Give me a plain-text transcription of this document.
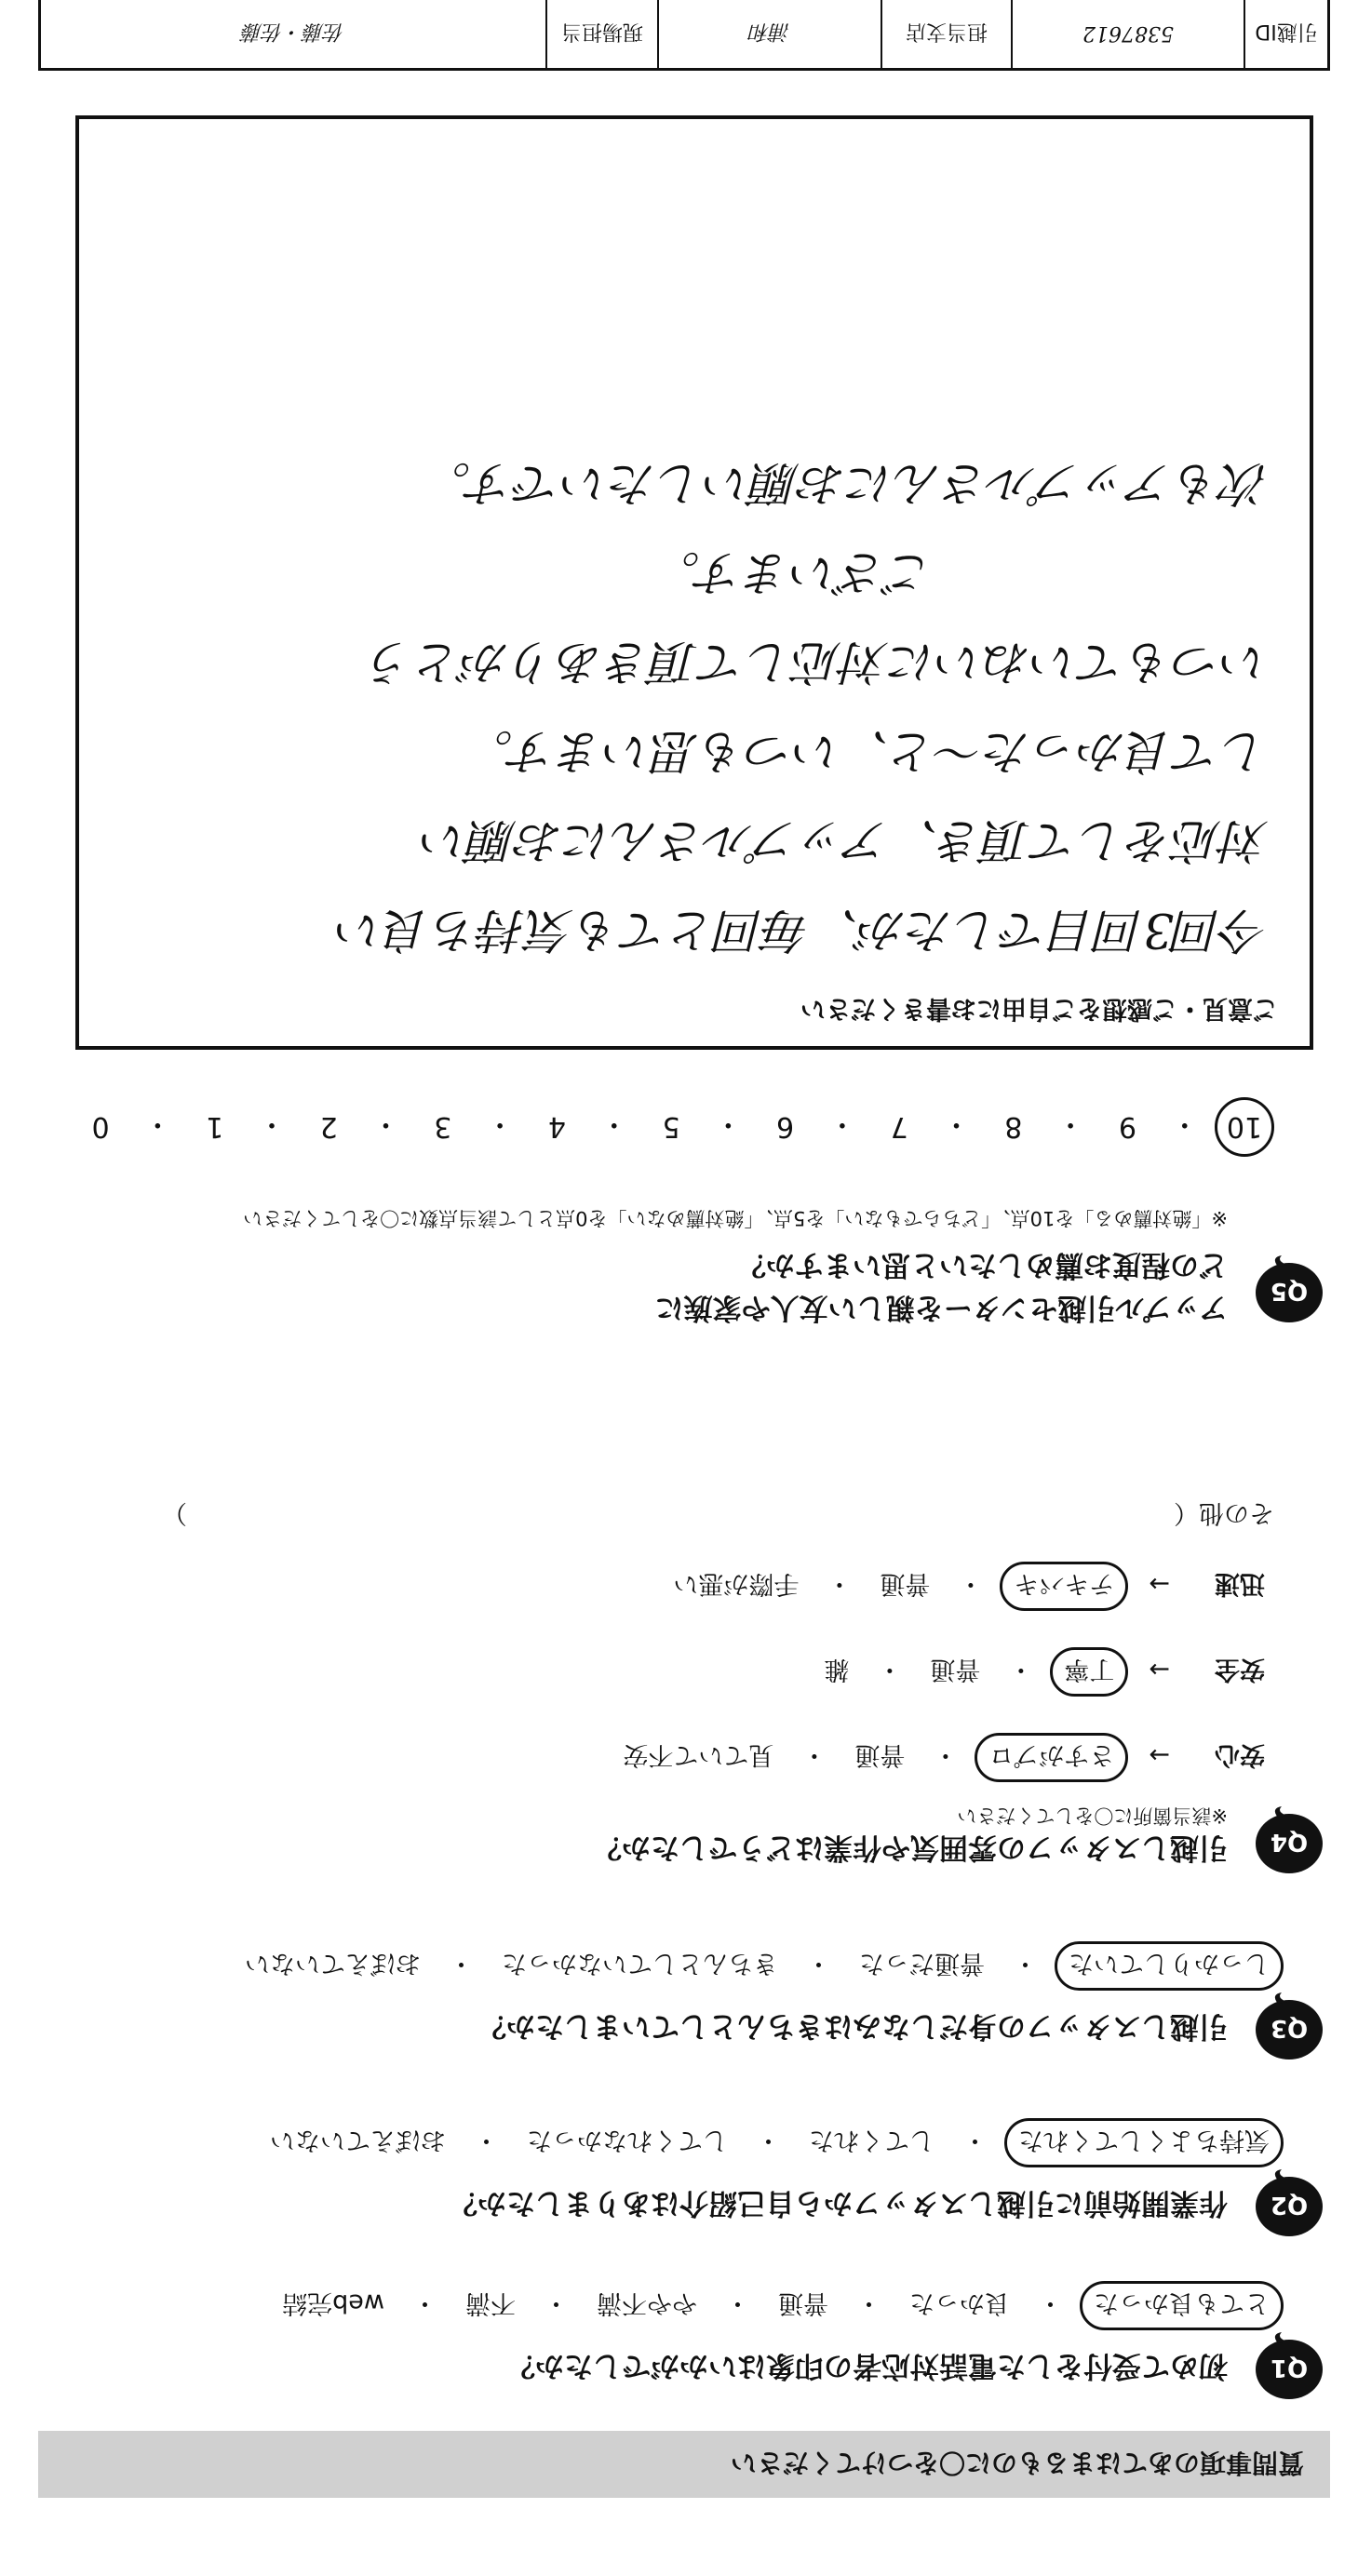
引越ID
5387612
担当支店
浦和
現場担当
佐藤・佐藤
質問事項のあてはまるものに〇をつけてください
Q1
初めて受付をした電話対応者の印象はいかがでしたか？
とても良かった・良かった・普通・やや不満・不満・web完結
Q2
作業開始前に引越しスタッフから自己紹介はありましたか？
気持ちよくしてくれた・してくれた・してくれなかった・おぼえていない
Q3
引越しスタッフの身だしなみはきちんとしていましたか？
しっかりしていた・普通だった・きちんとしていなかった・おぼえていない
Q4
引越しスタッフの雰囲気や作業はどうでしたか？
※該当箇所に〇をしてください
安心→さすがプロ・普通・見ていて不安
安全→丁寧・普通・雑
迅速→テキパキ・普通・手際が悪い
その他（）
Q5
アップル引越センターを親しい友人や家族に
どの程度お薦めしたいと思いますか？
※「絶対薦める」を10点、「どちらでもない」を5点、「絶対薦めない」を0点として該当点数に〇をしてください
10
・
9
・
8
・
7
・
6
・
5
・
4
・
3
・
2
・
1
・
0
ご意見・ご感想をご自由にお書きください
今回3回目でしたが、毎回とても気持ち良い
対応をして頂き、アップルさんにお願い
して良かった〜と、いつも思います。
いつもていねいに対応して頂きありがとう
ございます。
次もアップルさんにお願いしたいです。
